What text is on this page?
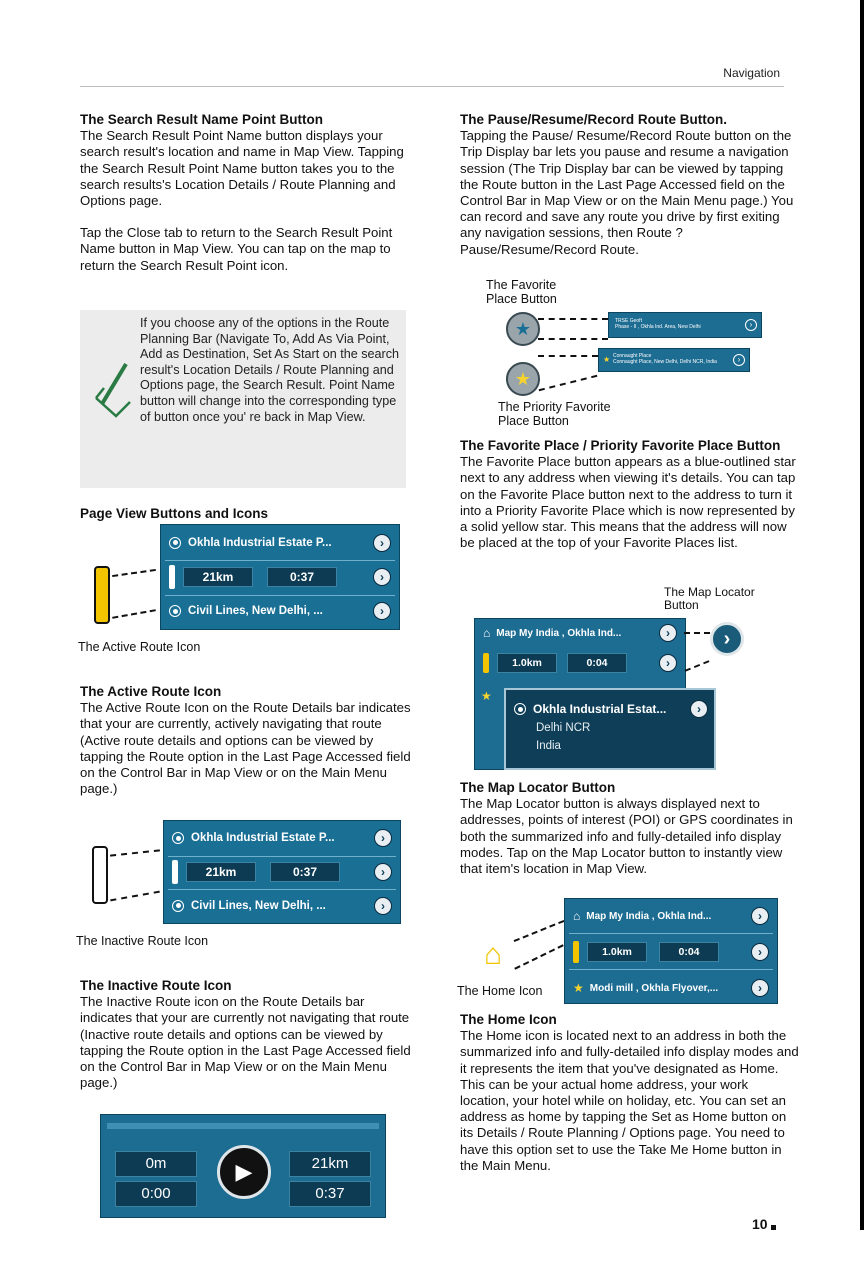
Navigation
The Search Result Name Point Button

The Search Result Point Name button displays your search result's location and name in Map View. Tapping the Search Result Point Name button takes you to the search results's Location Details / Route Planning and Options page.

Tap the Close tab to return to the Search Result Point Name button in Map View. You can tap on the map to return the Search Result Point icon.

If you choose any of the options in the Route Planning Bar (Navigate To, Add As Via Point, Add as Destination, Set As Start on the search result's Location Details / Route Planning and Options page, the Search Result. Point Name button will change into the corresponding type of button once you' re back in Map View.
Page View Buttons and Icons
Okhla Industrial Estate P...	›
21km	0:37	›
Civil Lines, New Delhi, ...	›
The Active Route Icon
The Active Route Icon

The Active Route Icon on the Route Details bar indicates that your are currently, actively navigating that route (Active route details and options can be viewed by tapping the Route option in the Last Page Accessed field on the Control Bar in Map View or on the Main Menu page.)

Okhla Industrial Estate P...	›
21km	0:37	›
Civil Lines, New Delhi, ...	›
The Inactive Route Icon
The Inactive Route Icon

The Inactive Route icon on the Route Details bar indicates that your are currently not navigating that route (Inactive route details and options can be viewed by tapping the Route option in the Last Page Accessed field on the Control Bar in Map View or on the Main Menu page.)

0m
0:00
▶	21km
0:37
The Pause/Resume/Record Route Button.

Tapping the Pause/ Resume/Record Route button on the Trip Display bar lets you pause and resume a navigation session (The Trip Display bar can be viewed by tapping the Route button in the Last Page Accessed field on the Control Bar in Map View or on the Main Menu page.) You can record and save any route you drive by first exiting any navigation sessions, then Route ? Pause/Resume/Record Route.

The Favorite
Place Button
★	TRSE Geoft
Phase - II , Okhla Ind. Area, New Delhi	›
★
★ Connaught Place
Connaught Place, New Delhi, Delhi NCR, India	›
The Priority Favorite
Place Button
The Favorite Place / Priority Favorite Place Button

The Favorite Place button appears as a blue-outlined star next to any address when viewing it's details. You can tap on the Favorite Place button next to the address to turn it into a Priority Favorite Place which is now represented by a solid yellow star. This means that the address will now be placed at the top of your Favorite Places list.

The Map Locator
Button
⌂ Map My India , Okhla Ind...	›
1.0km	0:04	›
★
Okhla Industrial Estat...	›
Delhi NCR
India
›
The Map Locator Button

The Map Locator button is always displayed next to addresses, points of interest (POI) or GPS coordinates in both the summarized info and fully-detailed info display modes. Tap on the Map Locator button to instantly view that item's location in Map View.

⌂
⌂ Map My India , Okhla Ind...	›
1.0km	0:04	›
★ Modi mill , Okhla Flyover,...	›
The Home Icon
The Home Icon

The Home icon is located next to an address in both the summarized info and fully-detailed info display modes and it represents the item that you've designated as Home. This can be your actual home address, your work location, your hotel while on holiday, etc. You can set an address as home by tapping the Set as Home button on its Details / Route Planning / Options page. You need to have this option set to use the Take Me Home button in the Main Menu.

10
